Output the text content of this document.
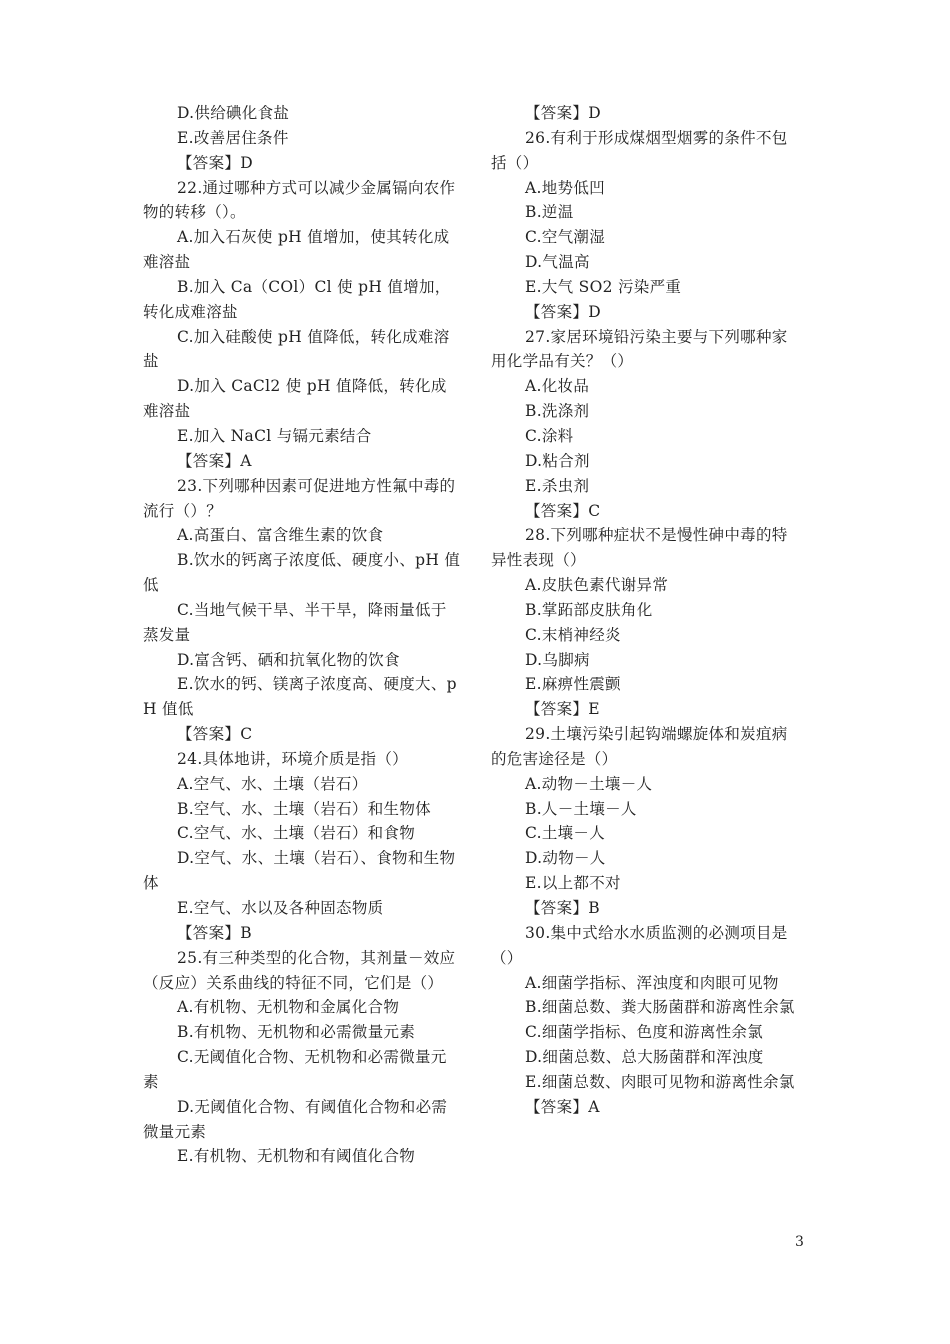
D.供给碘化食盐

E.改善居住条件

【答案】D

22.通过哪种方式可以减少金属镉向农作物的转移（）。

A.加入石灰使 pH 值增加，使其转化成难溶盐

B.加入 Ca（COl）Cl 使 pH 值增加，转化成难溶盐

C.加入硅酸使 pH 值降低，转化成难溶盐

D.加入 CaCl2 使 pH 值降低，转化成难溶盐

E.加入 NaCl 与镉元素结合

【答案】A

23.下列哪种因素可促进地方性氟中毒的流行（）？

A.高蛋白、富含维生素的饮食

B.饮水的钙离子浓度低、硬度小、pH 值低

C.当地气候干旱、半干旱，降雨量低于蒸发量

D.富含钙、硒和抗氧化物的饮食

E.饮水的钙、镁离子浓度高、硬度大、pH 值低

【答案】C

24.具体地讲，环境介质是指（）

A.空气、水、土壤（岩石）

B.空气、水、土壤（岩石）和生物体

C.空气、水、土壤（岩石）和食物

D.空气、水、土壤（岩石）、食物和生物体

E.空气、水以及各种固态物质

【答案】B

25.有三种类型的化合物，其剂量－效应（反应）关系曲线的特征不同，它们是（）

A.有机物、无机物和金属化合物

B.有机物、无机物和必需微量元素

C.无阈值化合物、无机物和必需微量元素

D.无阈值化合物、有阈值化合物和必需微量元素

E.有机物、无机物和有阈值化合物

【答案】D

26.有利于形成煤烟型烟雾的条件不包括（）

A.地势低凹

B.逆温

C.空气潮湿

D.气温高

E.大气 SO2 污染严重

【答案】D

27.家居环境铅污染主要与下列哪种家用化学品有关？（）

A.化妆品

B.洗涤剂

C.涂料

D.粘合剂

E.杀虫剂

【答案】C

28.下列哪种症状不是慢性砷中毒的特异性表现（）

A.皮肤色素代谢异常

B.掌跖部皮肤角化

C.末梢神经炎

D.乌脚病

E.麻痹性震颤

【答案】E

29.土壤污染引起钩端螺旋体和炭疽病的危害途径是（）

A.动物－土壤－人

B.人－土壤－人

C.土壤－人

D.动物－人

E.以上都不对

【答案】B

30.集中式给水水质监测的必测项目是（）

A.细菌学指标、浑浊度和肉眼可见物

B.细菌总数、粪大肠菌群和游离性余氯

C.细菌学指标、色度和游离性余氯

D.细菌总数、总大肠菌群和浑浊度

E.细菌总数、肉眼可见物和游离性余氯

【答案】A

3
